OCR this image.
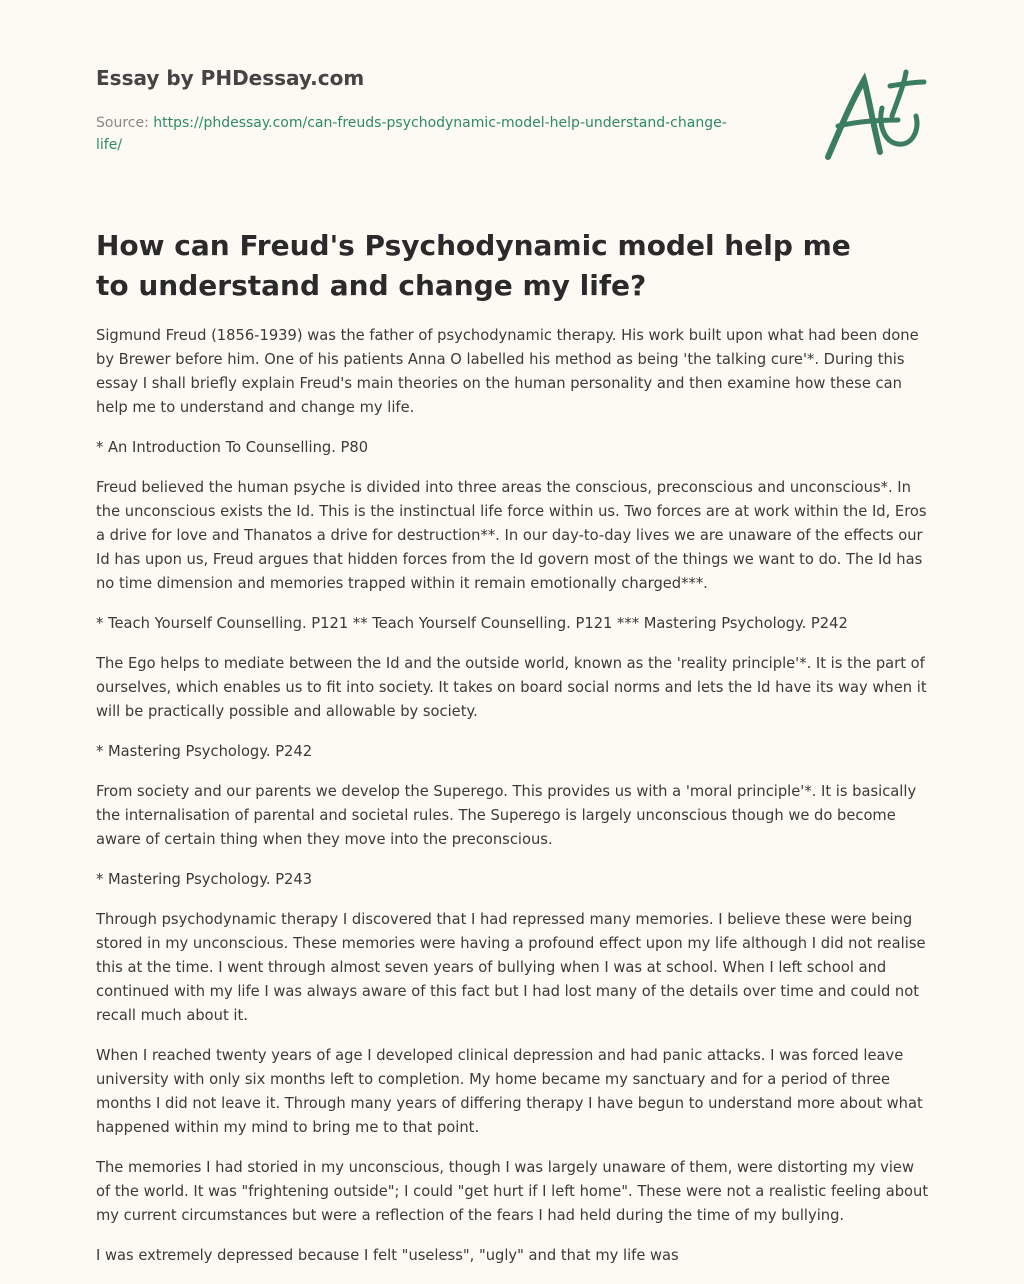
Essay by PHDessay.com
Source: https://phdessay.com/can-freuds-psychodynamic-model-help-understand-change-life/
How can Freud's Psychodynamic model help me to understand and change my life?

Sigmund Freud (1856-1939) was the father of psychodynamic therapy. His work built upon what had been done by Brewer before him. One of his patients Anna O labelled his method as being 'the talking cure'*. During this essay I shall briefly explain Freud's main theories on the human personality and then examine how these can help me to understand and change my life.

* An Introduction To Counselling. P80

Freud believed the human psyche is divided into three areas the conscious, preconscious and unconscious*. In the unconscious exists the Id. This is the instinctual life force within us. Two forces are at work within the Id, Eros a drive for love and Thanatos a drive for destruction**. In our day-to-day lives we are unaware of the effects our Id has upon us, Freud argues that hidden forces from the Id govern most of the things we want to do. The Id has no time dimension and memories trapped within it remain emotionally charged***.

* Teach Yourself Counselling. P121 ** Teach Yourself Counselling. P121 *** Mastering Psychology. P242

The Ego helps to mediate between the Id and the outside world, known as the 'reality principle'*. It is the part of ourselves, which enables us to fit into society. It takes on board social norms and lets the Id have its way when it will be practically possible and allowable by society.

* Mastering Psychology. P242

From society and our parents we develop the Superego. This provides us with a 'moral principle'*. It is basically the internalisation of parental and societal rules. The Superego is largely unconscious though we do become aware of certain thing when they move into the preconscious.

* Mastering Psychology. P243

Through psychodynamic therapy I discovered that I had repressed many memories. I believe these were being stored in my unconscious. These memories were having a profound effect upon my life although I did not realise this at the time. I went through almost seven years of bullying when I was at school. When I left school and continued with my life I was always aware of this fact but I had lost many of the details over time and could not recall much about it.

When I reached twenty years of age I developed clinical depression and had panic attacks. I was forced leave university with only six months left to completion. My home became my sanctuary and for a period of three months I did not leave it. Through many years of differing therapy I have begun to understand more about what happened within my mind to bring me to that point.

The memories I had storied in my unconscious, though I was largely unaware of them, were distorting my view of the world. It was "frightening outside"; I could "get hurt if I left home". These were not a realistic feeling about my current circumstances but were a reflection of the fears I had held during the time of my bullying.

I was extremely depressed because I felt "useless", "ugly" and that my life was
